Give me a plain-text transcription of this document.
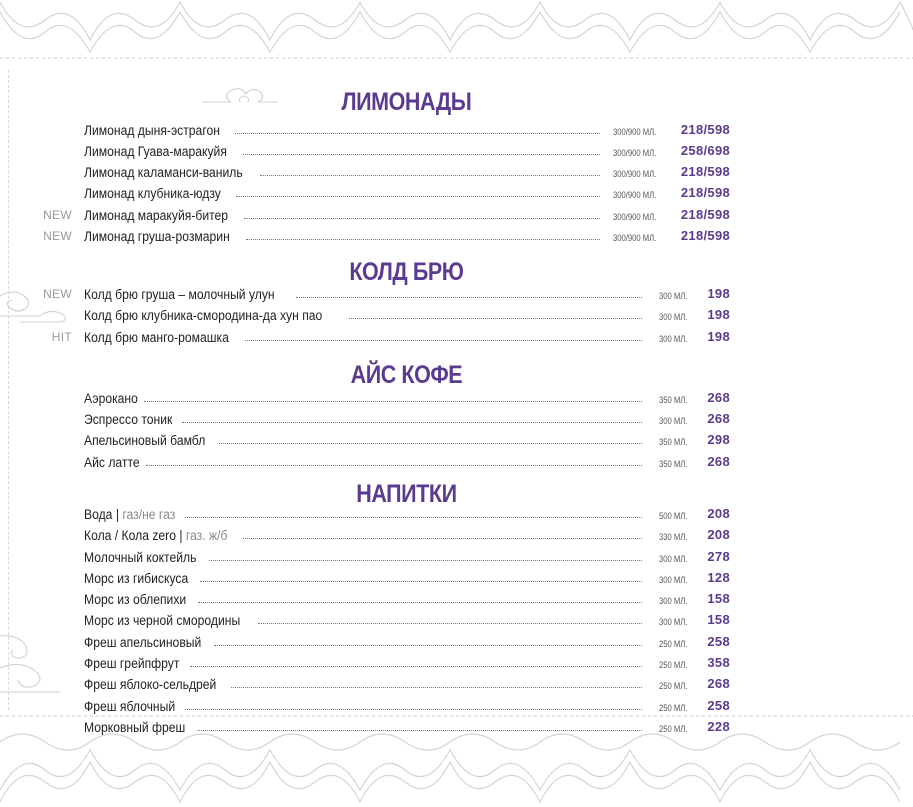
ЛИМОНАДЫ
Лимонад дыня-эстрагон	300/900 МЛ. 218/598
Лимонад Гуава-маракуйя	300/900 МЛ. 258/698
Лимонад каламанси-ваниль	300/900 МЛ. 218/598
Лимонад клубника-юдзу	300/900 МЛ. 218/598
NEW Лимонад маракуйя-битер	300/900 МЛ. 218/598
NEW Лимонад груша-розмарин	300/900 МЛ. 218/598
КОЛД БРЮ
NEW Колд брю груша – молочный улун	300 МЛ. 198
Колд брю клубника-смородина-да хун пао	300 МЛ. 198
HIT Колд брю манго-ромашка	300 МЛ. 198
АЙС КОФЕ
Аэрокано	350 МЛ. 268
Эспрессо тоник	300 МЛ. 268
Апельсиновый бамбл	350 МЛ. 298
Айс латте	350 МЛ. 268
НАПИТКИ
Вода | газ/не газ	500 МЛ. 208
Кола / Кола zero | газ. ж/б	330 МЛ. 208
Молочный коктейль	300 МЛ. 278
Морс из гибискуса	300 МЛ. 128
Морс из облепихи	300 МЛ. 158
Морс из черной смородины	300 МЛ. 158
Фреш апельсиновый	250 МЛ. 258
Фреш грейпфрут	250 МЛ. 358
Фреш яблоко-сельдрей	250 МЛ. 268
Фреш яблочный	250 МЛ. 258
Морковный фреш	250 МЛ. 228
